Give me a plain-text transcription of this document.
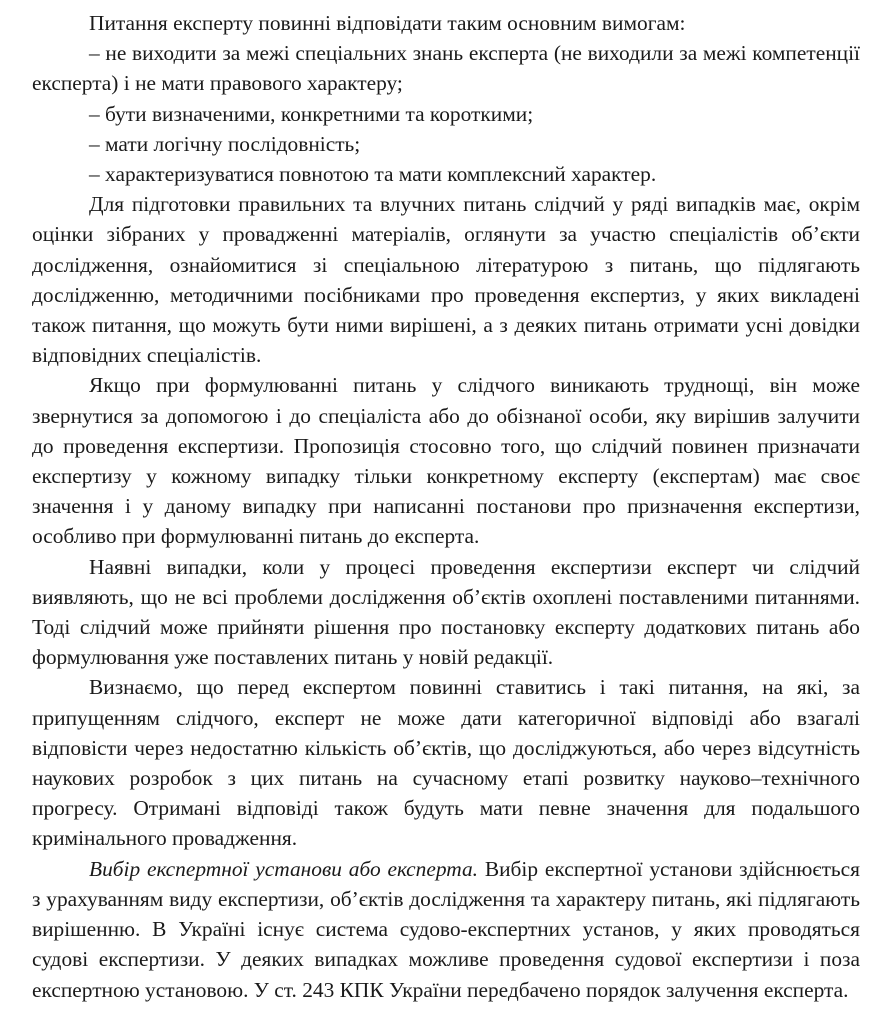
Питання експерту повинні відповідати таким основним вимогам:

– не виходити за межі спеціальних знань експерта (не виходили за межі компетенції експерта) і не мати правового характеру;

– бути визначеними, конкретними та короткими;

– мати логічну послідовність;

– характеризуватися повнотою та мати комплексний характер.

Для підготовки правильних та влучних питань слідчий у ряді випадків має, окрім оцінки зібраних у провадженні матеріалів, оглянути за участю спеціалістів об’єкти дослідження, ознайомитися зі спеціальною літературою з питань, що підлягають дослідженню, методичними посібниками про проведення експертиз, у яких викладені також питання, що можуть бути ними вирішені, а з деяких питань отримати усні довідки відповідних спеціалістів.

Якщо при формулюванні питань у слідчого виникають труднощі, він може звернутися за допомогою і до спеціаліста або до обізнаної особи, яку вирішив залучити до проведення експертизи. Пропозиція стосовно того, що слідчий повинен призначати експертизу у кожному випадку тільки конкретному експерту (експертам) має своє значення і у даному випадку при написанні постанови про призначення експертизи, особливо при формулюванні питань до експерта.

Наявні випадки, коли у процесі проведення експертизи експерт чи слідчий виявляють, що не всі проблеми дослідження об’єктів охоплені поставленими питаннями. Тоді слідчий може прийняти рішення про постановку експерту додаткових питань або формулювання уже поставлених питань у новій редакції.

Визнаємо, що перед експертом повинні ставитись і такі питання, на які, за припущенням слідчого, експерт не може дати категоричної відповіді або взагалі відповісти через недостатню кількість об’єктів, що досліджуються, або через відсутність наукових розробок з цих питань на сучасному етапі розвитку науково–технічного прогресу. Отримані відповіді також будуть мати певне значення для подальшого кримінального провадження.

Вибір експертної установи або експерта. Вибір експертної установи здійснюється з урахуванням виду експертизи, об’єктів дослідження та характеру питань, які підлягають вирішенню. В Україні існує система судово-експертних установ, у яких проводяться судові експертизи. У деяких випадках можливе проведення судової експертизи і поза експертною установою. У ст. 243 КПК України передбачено порядок залучення експерта.
